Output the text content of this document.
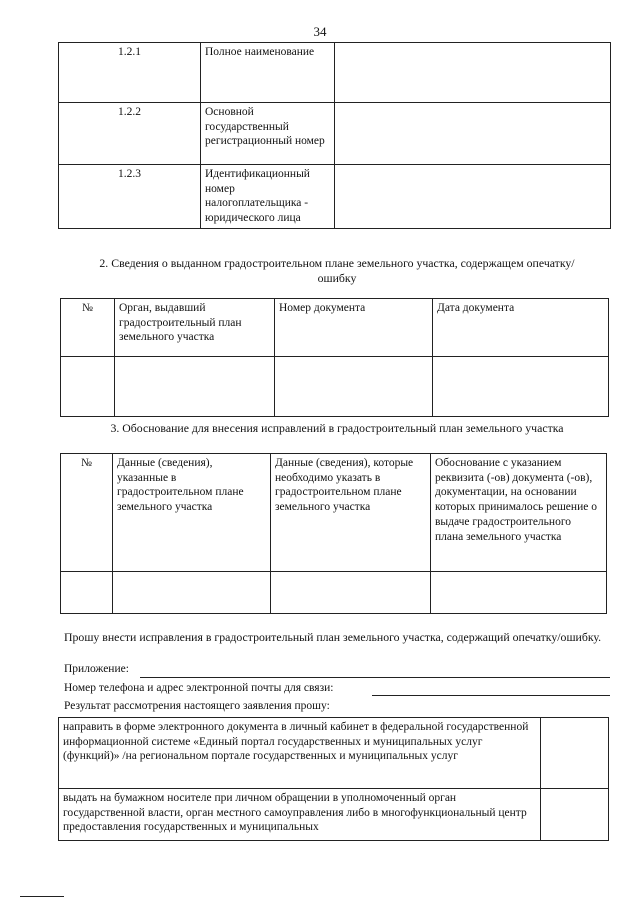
34
1.2.1	Полное наименование	
1.2.2	Основной государственный регистрационный номер	
1.2.3	Идентификационный номер налогоплательщика - юридического лица	
2. Сведения о выданном градостроительном плане земельного участка, содержащем опечатку/
ошибку
№	Орган, выдавший градостроительный план земельного участка	Номер документа	Дата документа

3. Обоснование для внесения исправлений в градостроительный план земельного участка
№	Данные (сведения), указанные в градостроительном плане земельного участка	Данные (сведения), которые необходимо указать в градостроительном плане земельного участка	Обоснование с указанием реквизита (-ов) документа (-ов), документации, на основании которых принималось решение о выдаче градостроительного плана земельного участка

Прошу внести исправления в градостроительный план земельного участка, содержащий опечатку/ошибку.
Приложение:
Номер телефона и адрес электронной почты для связи:
Результат рассмотрения настоящего заявления прошу:
направить в форме электронного документа в личный кабинет в федеральной государственной информационной системе «Единый портал государственных и муниципальных услуг (функций)» /на региональном портале государственных и муниципальных услуг	
выдать на бумажном носителе при личном обращении в уполномоченный орган государственной власти, орган местного самоуправления либо в многофункциональный центр предоставления государственных и муниципальных	
